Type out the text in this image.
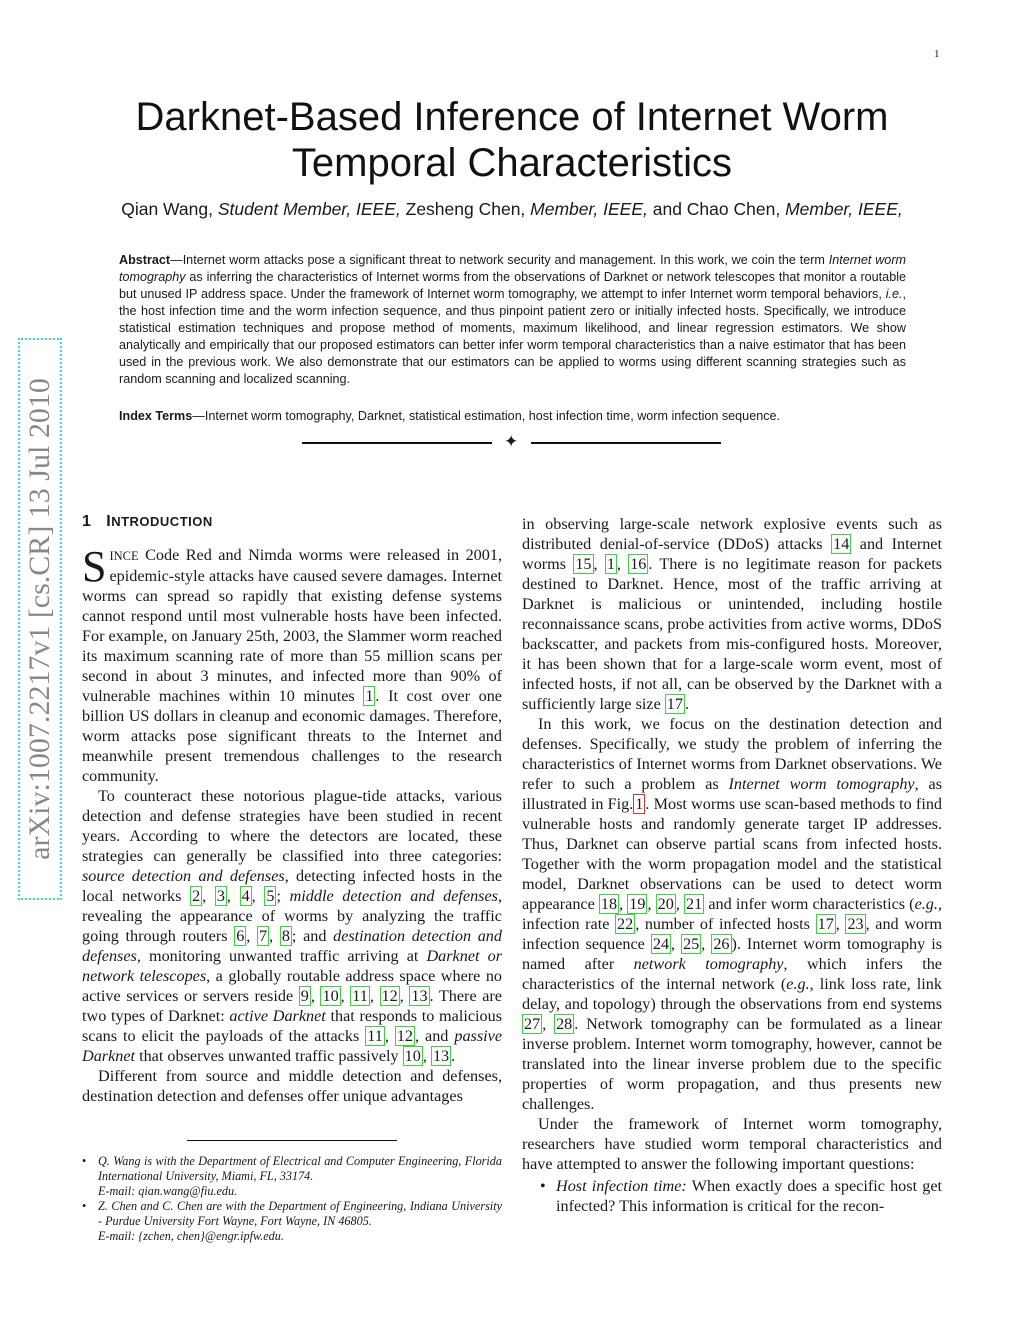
1
Darknet-Based Inference of Internet Worm
Temporal Characteristics
Qian Wang, Student Member, IEEE, Zesheng Chen, Member, IEEE, and Chao Chen, Member, IEEE,
Abstract—Internet worm attacks pose a significant threat to network security and management. In this work, we coin the term Internet worm tomography as inferring the characteristics of Internet worms from the observations of Darknet or network telescopes that monitor a routable but unused IP address space. Under the framework of Internet worm tomography, we attempt to infer Internet worm temporal behaviors, i.e., the host infection time and the worm infection sequence, and thus pinpoint patient zero or initially infected hosts. Specifically, we introduce statistical estimation techniques and propose method of moments, maximum likelihood, and linear regression estimators. We show analytically and empirically that our proposed estimators can better infer worm temporal characteristics than a naive estimator that has been used in the previous work. We also demonstrate that our estimators can be applied to worms using different scanning strategies such as random scanning and localized scanning.
Index Terms—Internet worm tomography, Darknet, statistical estimation, host infection time, worm infection sequence.
✦
1 INTRODUCTION

SINCE Code Red and Nimda worms were released in 2001, epidemic-style attacks have caused severe damages. Internet worms can spread so rapidly that existing defense systems cannot respond until most vulnerable hosts have been infected. For example, on January 25th, 2003, the Slammer worm reached its maximum scanning rate of more than 55 million scans per second in about 3 minutes, and infected more than 90% of vulnerable machines within 10 minutes 1 . It cost over one billion US dollars in cleanup and economic damages. Therefore, worm attacks pose significant threats to the Internet and meanwhile present tremendous challenges to the research community.

To counteract these notorious plague-tide attacks, various detection and defense strategies have been studied in recent years. According to where the detectors are located, these strategies can generally be classified into three categories: source detection and defenses, detecting infected hosts in the local networks 2 , 3 , 4 , 5 ; middle detection and defenses, revealing the appearance of worms by analyzing the traffic going through routers 6 , 7 , 8 ; and destination detection and defenses, monitoring unwanted traffic arriving at Darknet or network telescopes, a globally routable address space where no active services or servers reside 9 , 10 , 11 , 12 , 13 . There are two types of Darknet: active Darknet that responds to malicious scans to elicit the payloads of the attacks 11 , 12 , and passive Darknet that observes unwanted traffic passively 10 , 13 .

Different from source and middle detection and defenses, destination detection and defenses offer unique advantages

• Q. Wang is with the Department of Electrical and Computer Engineering, Florida International University, Miami, FL, 33174.
E-mail: qian.wang@fiu.edu.
• Z. Chen and C. Chen are with the Department of Engineering, Indiana University - Purdue University Fort Wayne, Fort Wayne, IN 46805.
E-mail: {zchen, chen}@engr.ipfw.edu.

in observing large-scale network explosive events such as distributed denial-of-service (DDoS) attacks 14 and Internet worms 15 , 1 , 16 . There is no legitimate reason for packets destined to Darknet. Hence, most of the traffic arriving at Darknet is malicious or unintended, including hostile reconnaissance scans, probe activities from active worms, DDoS backscatter, and packets from mis-configured hosts. Moreover, it has been shown that for a large-scale worm event, most of infected hosts, if not all, can be observed by the Darknet with a sufficiently large size 17 .

In this work, we focus on the destination detection and defenses. Specifically, we study the problem of inferring the characteristics of Internet worms from Darknet observations. We refer to such a problem as Internet worm tomography, as illustrated in Fig. 1 . Most worms use scan-based methods to find vulnerable hosts and randomly generate target IP addresses. Thus, Darknet can observe partial scans from infected hosts. Together with the worm propagation model and the statistical model, Darknet observations can be used to detect worm appearance 18 , 19 , 20 , 21 and infer worm characteristics (e.g., infection rate 22 , number of infected hosts 17 , 23 , and worm infection sequence 24 , 25 , 26 ). Internet worm tomography is named after network tomography, which infers the characteristics of the internal network (e.g., link loss rate, link delay, and topology) through the observations from end systems 27 , 28 . Network tomography can be formulated as a linear inverse problem. Internet worm tomography, however, cannot be translated into the linear inverse problem due to the specific properties of worm propagation, and thus presents new challenges.

Under the framework of Internet worm tomography, researchers have studied worm temporal characteristics and have attempted to answer the following important questions:

• Host infection time: When exactly does a specific host get infected? This information is critical for the recon-
arXiv:1007.2217v1 [cs.CR] 13 Jul 2010
